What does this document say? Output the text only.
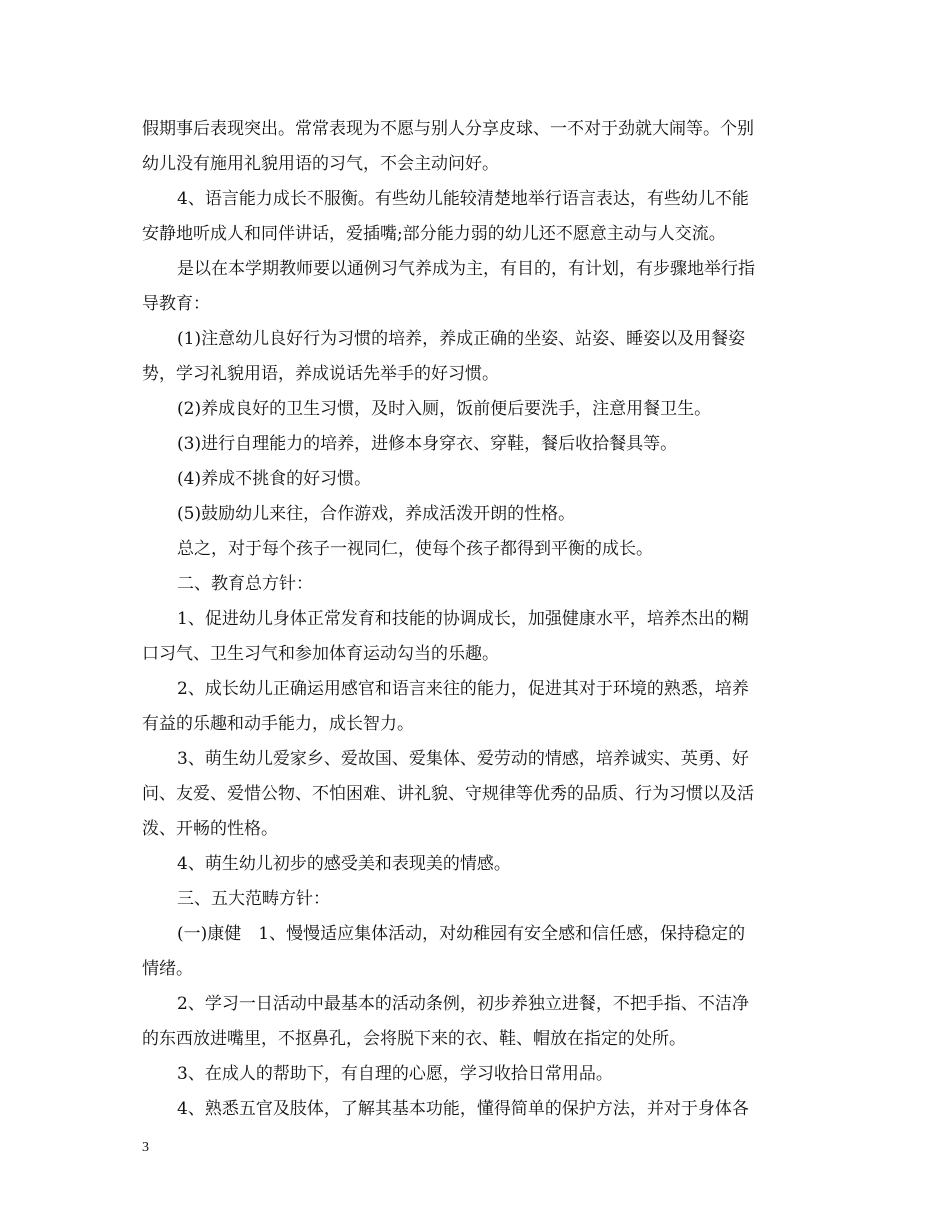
假期事后表现突出。常常表现为不愿与别人分享皮球、一不对于劲就大闹等。个别
幼儿没有施用礼貌用语的习气，不会主动问好。
4、语言能力成长不服衡。有些幼儿能较清楚地举行语言表达，有些幼儿不能
安静地听成人和同伴讲话，爱插嘴;部分能力弱的幼儿还不愿意主动与人交流。
是以在本学期教师要以通例习气养成为主，有目的，有计划，有步骤地举行指
导教育：
(1)注意幼儿良好行为习惯的培养，养成正确的坐姿、站姿、睡姿以及用餐姿
势，学习礼貌用语，养成说话先举手的好习惯。
(2)养成良好的卫生习惯，及时入厕，饭前便后要洗手，注意用餐卫生。
(3)进行自理能力的培养，进修本身穿衣、穿鞋，餐后收拾餐具等。
(4)养成不挑食的好习惯。
(5)鼓励幼儿来往，合作游戏，养成活泼开朗的性格。
总之，对于每个孩子一视同仁，使每个孩子都得到平衡的成长。
二、教育总方针：
1、促进幼儿身体正常发育和技能的协调成长，加强健康水平，培养杰出的糊
口习气、卫生习气和参加体育运动勾当的乐趣。
2、成长幼儿正确运用感官和语言来往的能力，促进其对于环境的熟悉，培养
有益的乐趣和动手能力，成长智力。
3、萌生幼儿爱家乡、爱故国、爱集体、爱劳动的情感，培养诚实、英勇、好
问、友爱、爱惜公物、不怕困难、讲礼貌、守规律等优秀的品质、行为习惯以及活
泼、开畅的性格。
4、萌生幼儿初步的感受美和表现美的情感。
三、五大范畴方针：
(一)康健　1、慢慢适应集体活动，对幼稚园有安全感和信任感，保持稳定的
情绪。
2、学习一日活动中最基本的活动条例，初步养独立进餐，不把手指、不洁净
的东西放进嘴里，不抠鼻孔，会将脱下来的衣、鞋、帽放在指定的处所。
3、在成人的帮助下，有自理的心愿，学习收拾日常用品。
4、熟悉五官及肢体，了解其基本功能，懂得简单的保护方法，并对于身体各
3
